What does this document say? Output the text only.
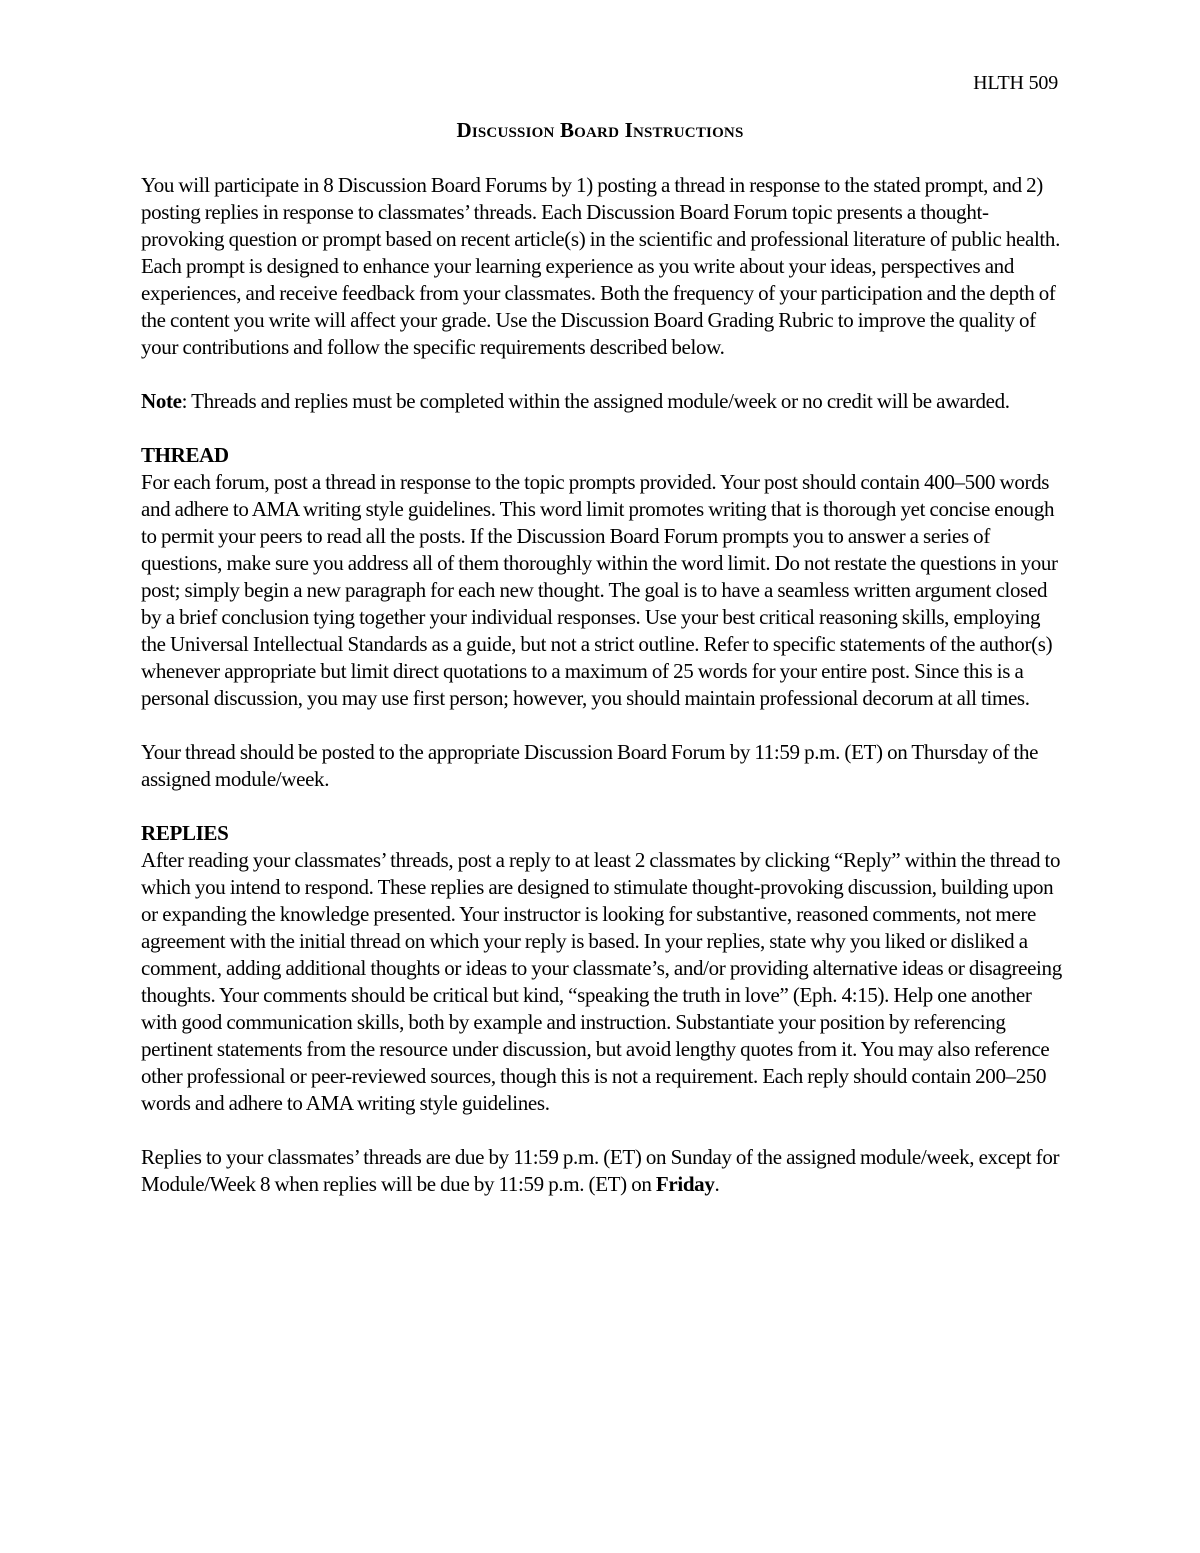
HLTH 509
Discussion Board Instructions

You will participate in 8 Discussion Board Forums by 1) posting a thread in response to the stated prompt, and 2) posting replies in response to classmates’ threads. Each Discussion Board Forum topic presents a thought-provoking question or prompt based on recent article(s) in the scientific and professional literature of public health. Each prompt is designed to enhance your learning experience as you write about your ideas, perspectives and experiences, and receive feedback from your classmates. Both the frequency of your participation and the depth of the content you write will affect your grade. Use the Discussion Board Grading Rubric to improve the quality of your contributions and follow the specific requirements described below.

Note: Threads and replies must be completed within the assigned module/week or no credit will be awarded.

THREAD
For each forum, post a thread in response to the topic prompts provided. Your post should contain 400–500 words and adhere to AMA writing style guidelines. This word limit promotes writing that is thorough yet concise enough to permit your peers to read all the posts. If the Discussion Board Forum prompts you to answer a series of questions, make sure you address all of them thoroughly within the word limit. Do not restate the questions in your post; simply begin a new paragraph for each new thought. The goal is to have a seamless written argument closed by a brief conclusion tying together your individual responses. Use your best critical reasoning skills, employing the Universal Intellectual Standards as a guide, but not a strict outline. Refer to specific statements of the author(s) whenever appropriate but limit direct quotations to a maximum of 25 words for your entire post. Since this is a personal discussion, you may use first person; however, you should maintain professional decorum at all times.

Your thread should be posted to the appropriate Discussion Board Forum by 11:59 p.m. (ET) on Thursday of the assigned module/week.

REPLIES
After reading your classmates’ threads, post a reply to at least 2 classmates by clicking “Reply” within the thread to which you intend to respond. These replies are designed to stimulate thought-provoking discussion, building upon or expanding the knowledge presented. Your instructor is looking for substantive, reasoned comments, not mere agreement with the initial thread on which your reply is based. In your replies, state why you liked or disliked a comment, adding additional thoughts or ideas to your classmate’s, and/or providing alternative ideas or disagreeing thoughts. Your comments should be critical but kind, “speaking the truth in love” (Eph. 4:15). Help one another with good communication skills, both by example and instruction. Substantiate your position by referencing pertinent statements from the resource under discussion, but avoid lengthy quotes from it. You may also reference other professional or peer-reviewed sources, though this is not a requirement. Each reply should contain 200–250 words and adhere to AMA writing style guidelines.

Replies to your classmates’ threads are due by 11:59 p.m. (ET) on Sunday of the assigned module/week, except for Module/Week 8 when replies will be due by 11:59 p.m. (ET) on Friday.
